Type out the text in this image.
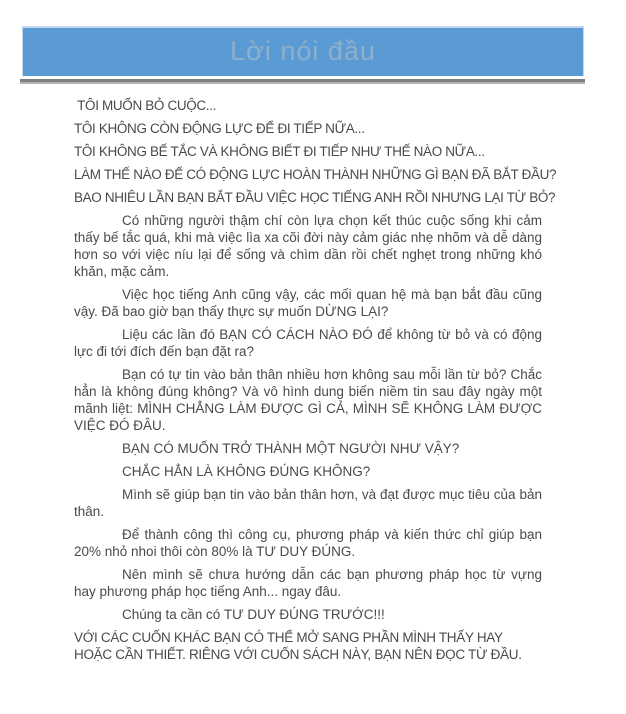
Lời nói đầu

TÔI MUỐN BỎ CUỘC...

TÔI KHÔNG CÒN ĐỘNG LỰC ĐỂ ĐI TIẾP NỮA...

TÔI KHÔNG BẾ TẮC VÀ KHÔNG BIẾT ĐI TIẾP NHƯ THẾ NÀO NỮA...

LÀM THẾ NÀO ĐỂ CÓ ĐỘNG LỰC HOÀN THÀNH NHỮNG GÌ BẠN ĐÃ BẮT ĐẦU?

BAO NHIÊU LẦN BẠN BẮT ĐẦU VIỆC HỌC TIẾNG ANH RỒI NHƯNG LẠI TỪ BỎ?

Có những người thậm chí còn lựa chọn kết thúc cuộc sống khi cảm thấy bế tắc quá, khi mà việc lìa xa cõi đời này cảm giác nhẹ nhõm và dễ dàng hơn so với việc níu lại để sống và chìm dần rồi chết nghẹt trong những khó khăn, mặc cảm.

Việc học tiếng Anh cũng vậy, các mối quan hệ mà bạn bắt đầu cũng vậy. Đã bao giờ bạn thấy thực sự muốn DỪNG LẠI?

Liệu các lần đó BẠN CÓ CÁCH NÀO ĐÓ để không từ bỏ và có động lực đi tới đích đến bạn đặt ra?

Bạn có tự tin vào bản thân nhiều hơn không sau mỗi lần từ bỏ? Chắc hẳn là không đúng không? Và vô hình dung biến niềm tin sau đây ngày một mãnh liệt: MÌNH CHẲNG LÀM ĐƯỢC GÌ CẢ, MÌNH SẼ KHÔNG LÀM ĐƯỢC VIỆC ĐÓ ĐÂU.

BẠN CÓ MUỐN TRỞ THÀNH MỘT NGƯỜI NHƯ VẬY?

CHẮC HẲN LÀ KHÔNG ĐÚNG KHÔNG?

Mình sẽ giúp bạn tin vào bản thân hơn, và đạt được mục tiêu của bản thân.

Để thành công thì công cụ, phương pháp và kiến thức chỉ giúp bạn 20% nhỏ nhoi thôi còn 80% là TƯ DUY ĐÚNG.

Nên mình sẽ chưa hướng dẫn các bạn phương pháp học từ vựng hay phương pháp học tiếng Anh... ngay đâu.

Chúng ta cần có TƯ DUY ĐÚNG TRƯỚC!!!

VỚI CÁC CUỐN KHÁC BẠN CÓ THỂ MỞ SANG PHẦN MÌNH THẤY HAY HOẶC CẦN THIẾT. RIÊNG VỚI CUỐN SÁCH NÀY, BẠN NÊN ĐỌC TỪ ĐẦU.
